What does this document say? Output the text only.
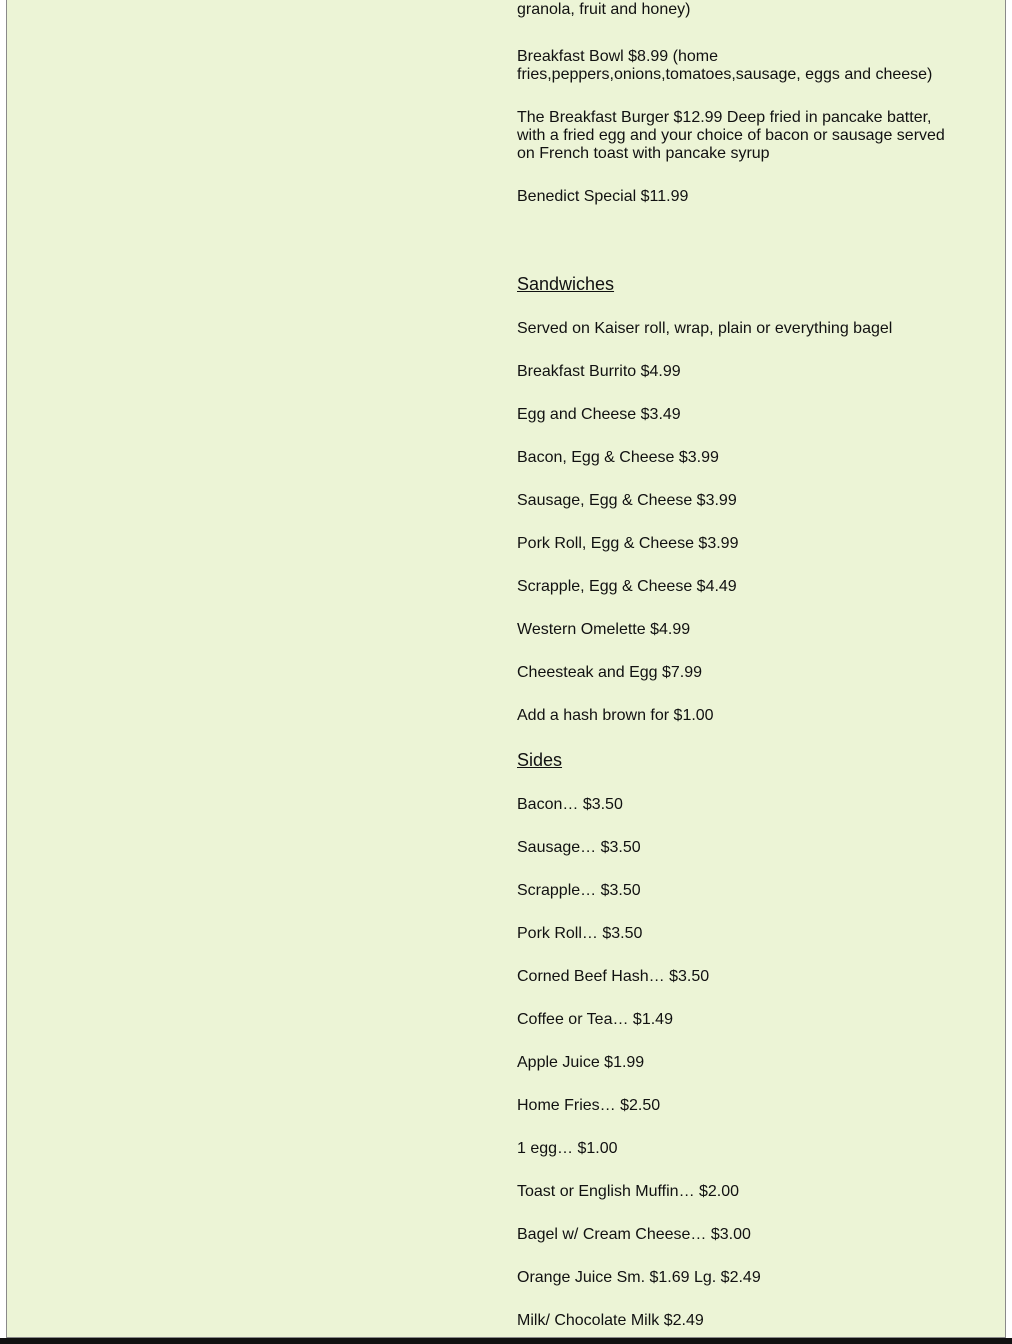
granola, fruit and honey)

Breakfast Bowl $8.99 (home fries,peppers,onions,tomatoes,sausage, eggs and cheese)

The Breakfast Burger $12.99 Deep fried in pancake batter, with a fried egg and your choice of bacon or sausage served on French toast with pancake syrup

Benedict Special $11.99

Sandwiches

Served on Kaiser roll, wrap, plain or everything bagel

Breakfast Burrito $4.99

Egg and Cheese $3.49

Bacon, Egg & Cheese $3.99

Sausage, Egg & Cheese $3.99

Pork Roll, Egg & Cheese $3.99

Scrapple, Egg & Cheese $4.49

Western Omelette $4.99

Cheesteak and Egg $7.99

Add a hash brown for $1.00

Sides

Bacon… $3.50

Sausage… $3.50

Scrapple… $3.50

Pork Roll… $3.50

Corned Beef Hash… $3.50

Coffee or Tea… $1.49

Apple Juice $1.99

Home Fries… $2.50

1 egg… $1.00

Toast or English Muffin… $2.00

Bagel w/ Cream Cheese… $3.00

Orange Juice Sm. $1.69 Lg. $2.49

Milk/ Chocolate Milk $2.49
